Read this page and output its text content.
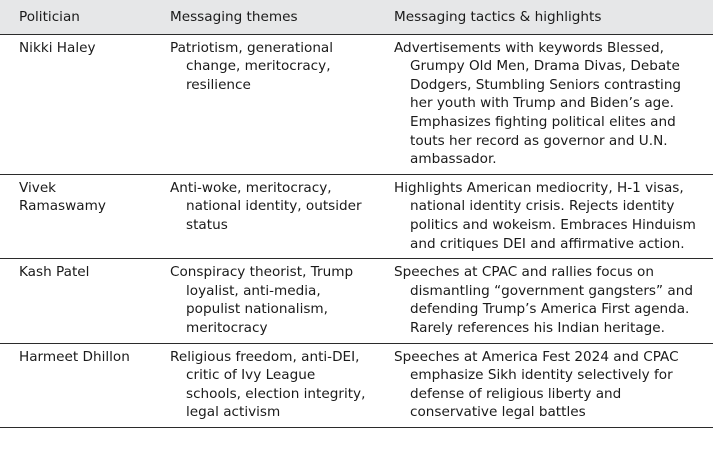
Politician	Messaging themes	Messaging tactics & highlights
Nikki Haley	Patriotism, generational change, meritocracy, resilience	Advertisements with keywords Blessed, Grumpy Old Men, Drama Divas, Debate Dodgers, Stumbling Seniors contrasting her youth with Trump and Biden’s age. Emphasizes fighting political elites and touts her record as governor and U.N. ambassador.

Vivek Ramaswamy	Anti-woke, meritocracy, national identity, outsider status	Highlights American mediocrity, H-1 visas, national identity crisis. Rejects identity politics and wokeism. Embraces Hinduism and critiques DEI and affirmative action.

Kash Patel	Conspiracy theorist, Trump loyalist, anti-media, populist nationalism, meritocracy	Speeches at CPAC and rallies focus on dismantling “government gangsters” and defending Trump’s America First agenda. Rarely references his Indian heritage.

Harmeet Dhillon	Religious freedom, anti-DEI, critic of Ivy League schools, election integrity, legal activism	Speeches at America Fest 2024 and CPAC emphasize Sikh identity selectively for defense of religious liberty and conservative legal battles
